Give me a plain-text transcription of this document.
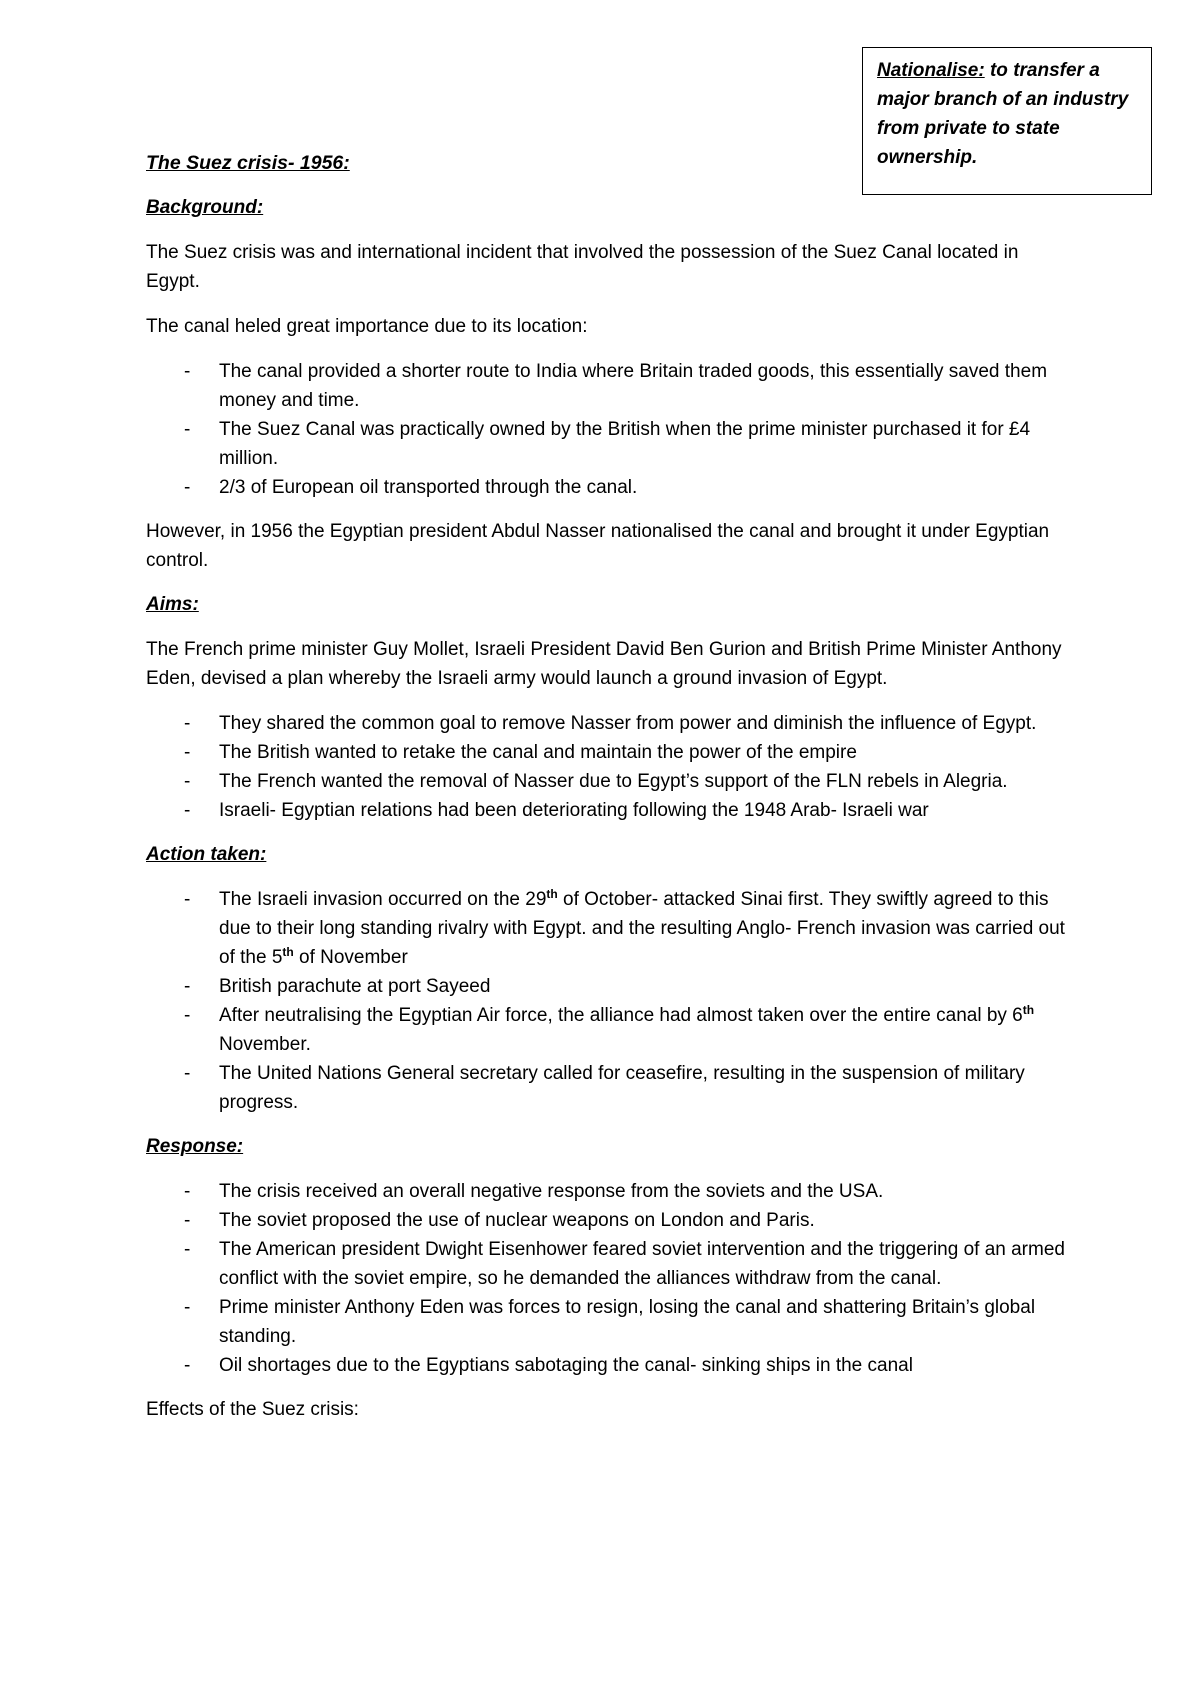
Nationalise: to transfer a major branch of an industry from private to state ownership.

The Suez crisis- 1956:

Background:

The Suez crisis was and international incident that involved the possession of the Suez Canal located in Egypt.

The canal heled great importance due to its location:

- The canal provided a shorter route to India where Britain traded goods, this essentially saved them money and time.
- The Suez Canal was practically owned by the British when the prime minister purchased it for £4 million.
- 2/3 of European oil transported through the canal.

However, in 1956 the Egyptian president Abdul Nasser nationalised the canal and brought it under Egyptian control.

Aims:

The French prime minister Guy Mollet, Israeli President David Ben Gurion and British Prime Minister Anthony Eden, devised a plan whereby the Israeli army would launch a ground invasion of Egypt.

- They shared the common goal to remove Nasser from power and diminish the influence of Egypt.
- The British wanted to retake the canal and maintain the power of the empire
- The French wanted the removal of Nasser due to Egypt’s support of the FLN rebels in Alegria.
- Israeli- Egyptian relations had been deteriorating following the 1948 Arab- Israeli war

Action taken:

- The Israeli invasion occurred on the 29th of October- attacked Sinai first. They swiftly agreed to this due to their long standing rivalry with Egypt. and the resulting Anglo- French invasion was carried out of the 5th of November
- British parachute at port Sayeed
- After neutralising the Egyptian Air force, the alliance had almost taken over the entire canal by 6th November.
- The United Nations General secretary called for ceasefire, resulting in the suspension of military progress.

Response:

- The crisis received an overall negative response from the soviets and the USA.
- The soviet proposed the use of nuclear weapons on London and Paris.
- The American president Dwight Eisenhower feared soviet intervention and the triggering of an armed conflict with the soviet empire, so he demanded the alliances withdraw from the canal.
- Prime minister Anthony Eden was forces to resign, losing the canal and shattering Britain’s global standing.
- Oil shortages due to the Egyptians sabotaging the canal- sinking ships in the canal

Effects of the Suez crisis:
